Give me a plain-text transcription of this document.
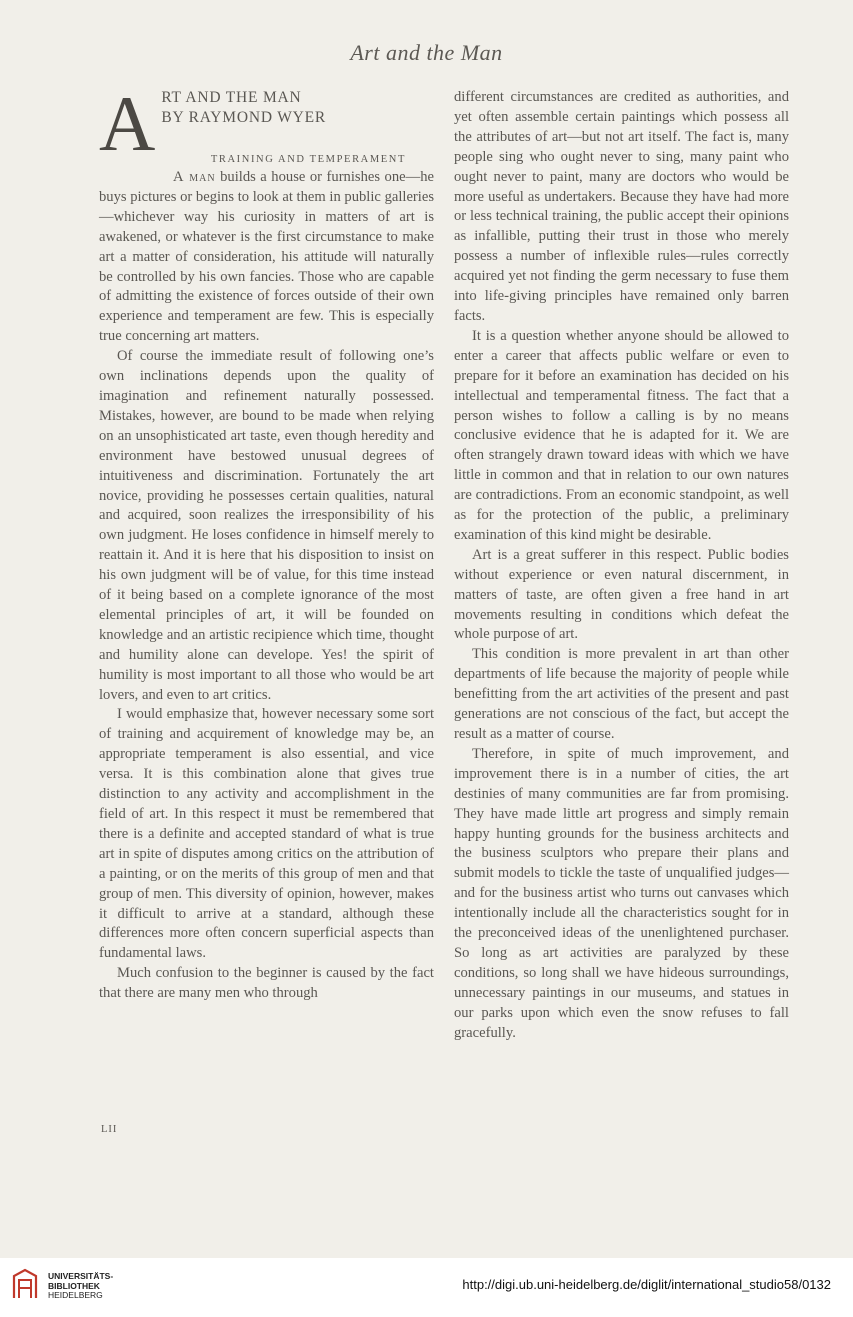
Art and the Man
A RT AND THE MAN
BY RAYMOND WYER
TRAINING AND TEMPERAMENT

A man builds a house or furnishes one—he buys pictures or begins to look at them in public galleries—whichever way his curiosity in matters of art is awakened, or whatever is the first circumstance to make art a matter of consideration, his attitude will naturally be controlled by his own fancies. Those who are capable of admitting the existence of forces outside of their own experience and temperament are few. This is especially true concerning art matters.

Of course the immediate result of following one’s own inclinations depends upon the quality of imagination and refinement naturally possessed. Mistakes, however, are bound to be made when relying on an unsophisticated art taste, even though heredity and environment have bestowed unusual degrees of intuitiveness and discrimination. Fortunately the art novice, providing he possesses certain qualities, natural and acquired, soon realizes the irresponsibility of his own judgment. He loses confidence in himself merely to reattain it. And it is here that his disposition to insist on his own judgment will be of value, for this time instead of it being based on a complete ignorance of the most elemental principles of art, it will be founded on knowledge and an artistic recipience which time, thought and humility alone can develope. Yes! the spirit of humility is most important to all those who would be art lovers, and even to art critics.

I would emphasize that, however necessary some sort of training and acquirement of knowledge may be, an appropriate temperament is also essential, and vice versa. It is this combination alone that gives true distinction to any activity and accomplishment in the field of art. In this respect it must be remembered that there is a definite and accepted standard of what is true art in spite of disputes among critics on the attribution of a painting, or on the merits of this group of men and that group of men. This diversity of opinion, however, makes it difficult to arrive at a standard, although these differences more often concern superficial aspects than fundamental laws.

Much confusion to the beginner is caused by the fact that there are many men who through

different circumstances are credited as authorities, and yet often assemble certain paintings which possess all the attributes of art—but not art itself. The fact is, many people sing who ought never to sing, many paint who ought never to paint, many are doctors who would be more useful as undertakers. Because they have had more or less technical training, the public accept their opinions as infallible, putting their trust in those who merely possess a number of inflexible rules—rules correctly acquired yet not finding the germ necessary to fuse them into life-giving principles have remained only barren facts.

It is a question whether anyone should be allowed to enter a career that affects public welfare or even to prepare for it before an examination has decided on his intellectual and temperamental fitness. The fact that a person wishes to follow a calling is by no means conclusive evidence that he is adapted for it. We are often strangely drawn toward ideas with which we have little in common and that in relation to our own natures are contradictions. From an economic standpoint, as well as for the protection of the public, a preliminary examination of this kind might be desirable.

Art is a great sufferer in this respect. Public bodies without experience or even natural discernment, in matters of taste, are often given a free hand in art movements resulting in conditions which defeat the whole purpose of art.

This condition is more prevalent in art than other departments of life because the majority of people while benefitting from the art activities of the present and past generations are not conscious of the fact, but accept the result as a matter of course.

Therefore, in spite of much improvement, and improvement there is in a number of cities, the art destinies of many communities are far from promising. They have made little art progress and simply remain happy hunting grounds for the business architects and the business sculptors who prepare their plans and submit models to tickle the taste of unqualified judges—and for the business artist who turns out canvases which intentionally include all the characteristics sought for in the preconceived ideas of the unenlightened purchaser. So long as art activities are paralyzed by these conditions, so long shall we have hideous surroundings, unnecessary paintings in our museums, and statues in our parks upon which even the snow refuses to fall gracefully.

LII
UNIVERSITÄTS-
BIBLIOTHEK
HEIDELBERG
http://digi.ub.uni-heidelberg.de/diglit/international_studio58/0132
